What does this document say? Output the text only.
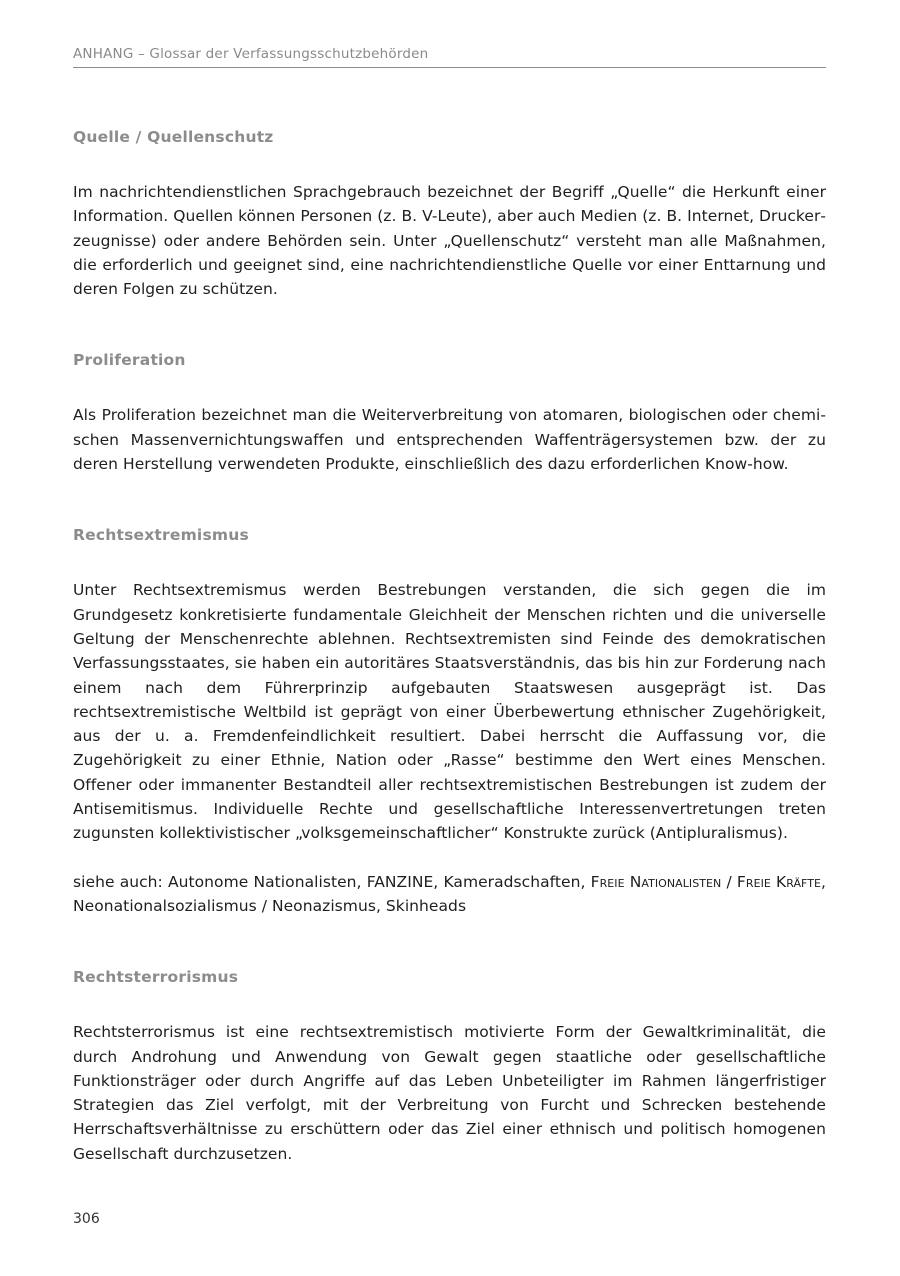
ANHANG – Glossar der Verfassungsschutzbehörden
Quelle / Quellenschutz

Im nachrichtendienstlichen Sprachgebrauch bezeichnet der Begriff „Quelle“ die Herkunft einer Information. Quellen können Personen (z. B. V-Leute), aber auch Medien (z. B. Internet, Druckerzeugnisse) oder andere Behörden sein. Unter „Quellenschutz“ versteht man alle Maßnahmen, die erforderlich und geeignet sind, eine nachrichtendienstliche Quelle vor einer Enttarnung und deren Folgen zu schützen.

Proliferation

Als Proliferation bezeichnet man die Weiterverbreitung von atomaren, biologischen oder chemischen Massenvernichtungswaffen und entsprechenden Waffenträgersystemen bzw. der zu deren Herstellung verwendeten Produkte, einschließlich des dazu erforderlichen Know-how.

Rechtsextremismus

Unter Rechtsextremismus werden Bestrebungen verstanden, die sich gegen die im Grundgesetz konkretisierte fundamentale Gleichheit der Menschen richten und die universelle Geltung der Menschenrechte ablehnen. Rechtsextremisten sind Feinde des demokratischen Verfassungsstaates, sie haben ein autoritäres Staatsverständnis, das bis hin zur Forderung nach einem nach dem Führerprinzip aufgebauten Staatswesen ausgeprägt ist. Das rechtsextremistische Weltbild ist geprägt von einer Überbewertung ethnischer Zugehörigkeit, aus der u. a. Fremdenfeindlichkeit resultiert. Dabei herrscht die Auffassung vor, die Zugehörigkeit zu einer Ethnie, Nation oder „Rasse“ bestimme den Wert eines Menschen. Offener oder immanenter Bestandteil aller rechtsextremistischen Bestrebungen ist zudem der Antisemitismus. Individuelle Rechte und gesellschaftliche Interessenvertretungen treten zugunsten kollektivistischer „volksgemeinschaftlicher“ Konstrukte zurück (Antipluralismus).

siehe auch: Autonome Nationalisten, FANZINE, Kameradschaften, Freie Nationalisten / Freie Kräfte, Neonationalsozialismus / Neonazismus, Skinheads

Rechtsterrorismus

Rechtsterrorismus ist eine rechtsextremistisch motivierte Form der Gewaltkriminalität, die durch Androhung und Anwendung von Gewalt gegen staatliche oder gesellschaftliche Funktionsträger oder durch Angriffe auf das Leben Unbeteiligter im Rahmen längerfristiger Strategien das Ziel verfolgt, mit der Verbreitung von Furcht und Schrecken bestehende Herrschaftsverhältnisse zu erschüttern oder das Ziel einer ethnisch und politisch homogenen Gesellschaft durchzusetzen.

306
